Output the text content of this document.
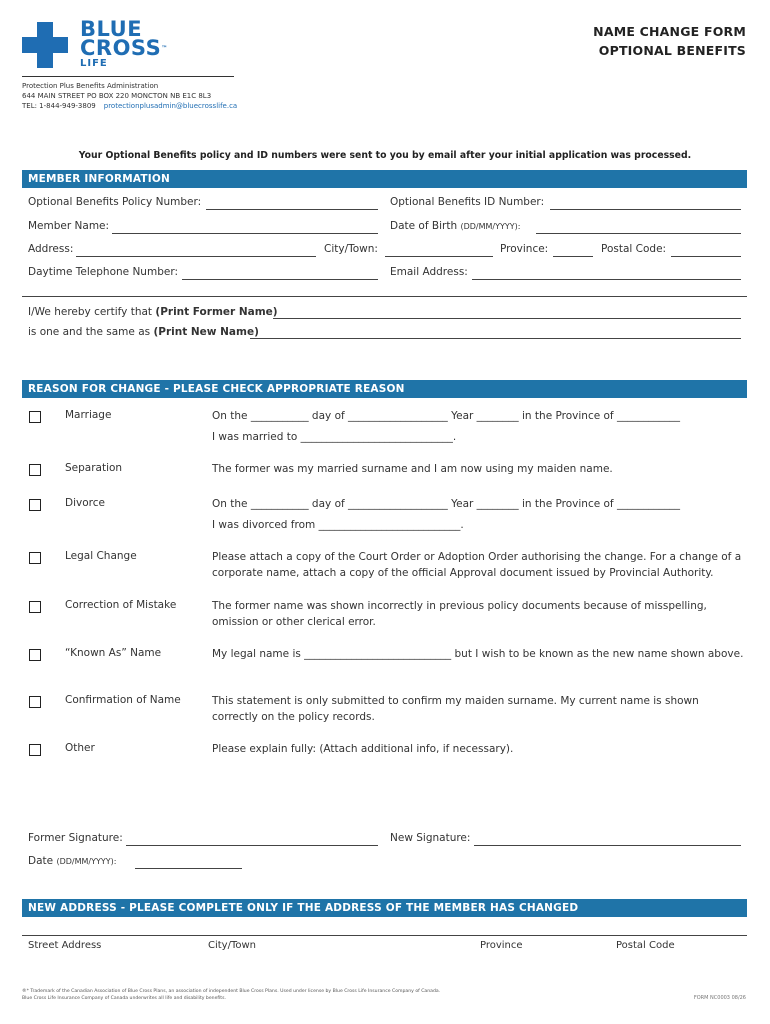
BLUE
CROSS™
LIFE
NAME CHANGE FORM
OPTIONAL BENEFITS
Protection Plus Benefits Administration
644 MAIN STREET PO BOX 220 MONCTON NB E1C 8L3
TEL: 1-844-949-3809 protectionplusadmin@bluecrosslife.ca
Your Optional Benefits policy and ID numbers were sent to you by email after your initial application was processed.
MEMBER INFORMATION
Optional Benefits Policy Number:	Optional Benefits ID Number:
Member Name:	Date of Birth (DD/MM/YYYY):
Address:	City/Town:	Province:	Postal Code:
Daytime Telephone Number:	Email Address:
I/We hereby certify that (Print Former Name)
is one and the same as (Print New Name)
REASON FOR CHANGE - PLEASE CHECK APPROPRIATE REASON
Marriage	On the ___________ day of ___________________ Year ________ in the Province of ____________
I was married to _____________________________.
Separation	The former was my married surname and I am now using my maiden name.
Divorce	On the ___________ day of ___________________ Year ________ in the Province of ____________
I was divorced from ___________________________.
Legal Change	Please attach a copy of the Court Order or Adoption Order authorising the change. For a change of a corporate name, attach a copy of the official Approval document issued by Provincial Authority.
Correction of Mistake	The former name was shown incorrectly in previous policy documents because of misspelling, omission or other clerical error.
“Known As” Name	My legal name is ____________________________ but I wish to be known as the new name shown above.
Confirmation of Name	This statement is only submitted to confirm my maiden surname. My current name is shown correctly on the policy records.
Other	Please explain fully: (Attach additional info, if necessary).
Former Signature:	New Signature:
Date (DD/MM/YYYY):
NEW ADDRESS - PLEASE COMPLETE ONLY IF THE ADDRESS OF THE MEMBER HAS CHANGED
Street Address	City/Town	Province	Postal Code
®* Trademark of the Canadian Association of Blue Cross Plans, an association of independent Blue Cross Plans. Used under license by Blue Cross Life Insurance Company of Canada.
Blue Cross Life Insurance Company of Canada underwrites all life and disability benefits.	FORM NC0003 08/26
